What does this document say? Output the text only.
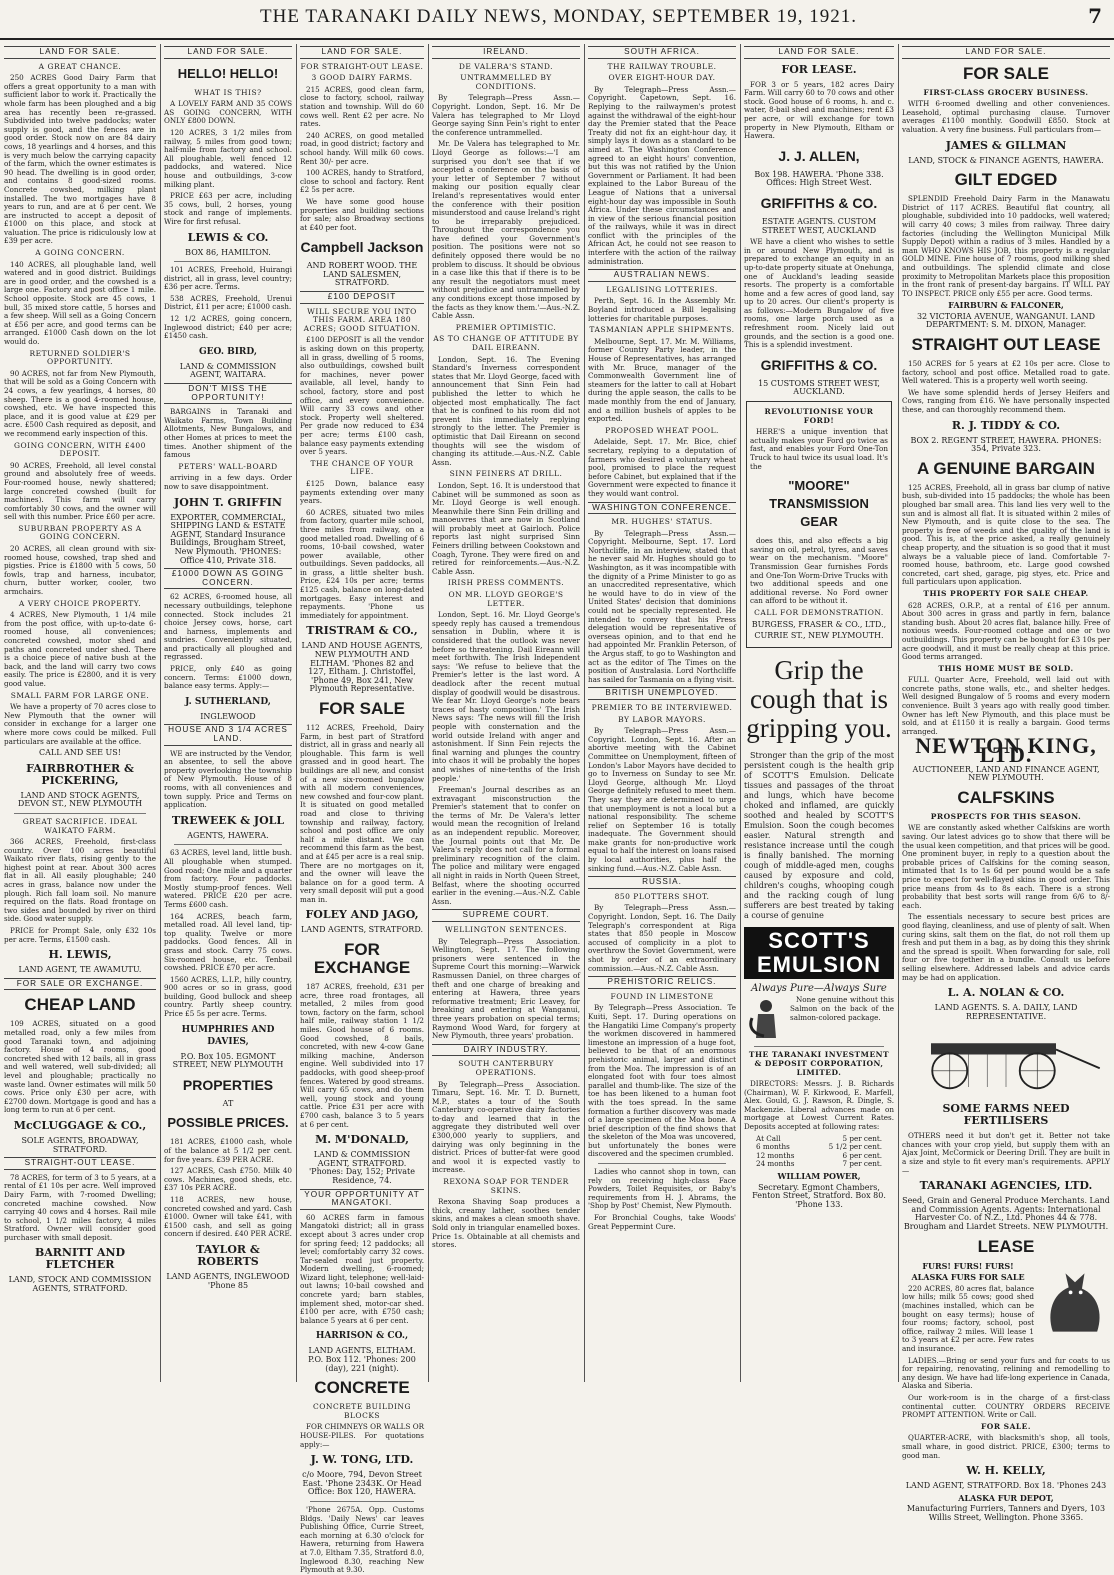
THE TARANAKI DAILY NEWS, MONDAY, SEPTEMBER 19, 1921.	7
LAND FOR SALE.
A GREAT CHANCE.

250 ACRES Good Dairy Farm that offers a great opportunity to a man with sufficient labor to work it. Practically the whole farm has been ploughed and a big area has recently been re-grassed. Subdivided into twelve paddocks; water supply is good, and the fences are in good order. Stock now on are 84 dairy cows, 18 yearlings and 4 horses, and this is very much below the carrying capacity of the farm, which the owner estimates is 90 head. The dwelling is in good order, and contains 8 good-sized rooms. Concrete cowshed, milking plant installed. The two mortgages have 8 years to run, and are at 6 per cent. We are instructed to accept a deposit of £1000 on this place, and stock at valuation. The price is ridiculously low at £39 per acre.

A GOING CONCERN.

140 ACRES, all ploughable land, well watered and in good district. Buildings are in good order, and the cowshed is a large one. Factory and post office 1 mile. School opposite. Stock are 45 cows, 1 bull, 35 mixed store cattle, 5 horses and a few sheep. Will sell as a Going Concern at £56 per acre, and good terms can be arranged. £1000 Cash down on the lot would do.

RETURNED SOLDIER'S OPPORTUNITY.

90 ACRES, not far from New Plymouth, that will be sold as a Going Concern with 24 cows, a few yearlings, 4 horses, 80 sheep. There is a good 4-roomed house, cowshed, etc. We have inspected this place, and it is good value at £29 per acre. £500 Cash required as deposit, and we recommend early inspection of this.

GOING CONCERN, WITH £400 DEPOSIT.

90 ACRES, Freehold, all level constal ground and absolutely free of weeds. Four-roomed house, newly shattered; large concreted cowshed (built for machines). This farm will carry comfortably 30 cows, and the owner will sell with this number. Price £60 per acre.

SUBURBAN PROPERTY AS A GOING CONCERN.

20 ACRES, all clean ground with six-roomed house, cowshed, trap shed and pigsties. Price is £1800 with 5 cows, 50 fowls, trap and harness, incubator, churn, butter worker, cooler, two armchairs.

A VERY CHOICE PROPERTY.

4 ACRES, New Plymouth, 1 1/4 mile from the post office, with up-to-date 6-roomed house, all conveniences; concreted cowshed, motor shed and paths and concreted under shed. There is a choice piece of native bush at the back, and the land will carry two cows easily. The price is £2800, and it is very good value.

SMALL FARM FOR LARGE ONE.

We have a property of 70 acres close to New Plymouth that the owner will consider in exchange for a larger one where more cows could be milked. Full particulars are available at the office.

CALL AND SEE US!
FAIRBROTHER & PICKERING,
LAND AND STOCK AGENTS, DEVON ST., NEW PLYMOUTH
GREAT SACRIFICE. IDEAL WAIKATO FARM.

366 ACRES, Freehold, first-class country. Over 100 acres beautiful Waikato river flats, rising gently to the highest point at rear. About 300 acres flat in all. All easily ploughable; 240 acres in grass, balance now under the plough. Rich fall loam soil. No manure required on the flats. Road frontage on two sides and bounded by river on third side. Good water supply.

PRICE for Prompt Sale, only £32 10s per acre. Terms, £1500 cash.

H. LEWIS,
LAND AGENT, TE AWAMUTU.
FOR SALE OR EXCHANGE.
CHEAP LAND

109 ACRES, situated on a good metalled road, only a few miles from good Taranaki town, and adjoining factory. House of 4 rooms, good concreted shed with 12 bails, all in grass and well watered, well sub-divided; all level and ploughable; practically no waste land. Owner estimates will milk 50 cows. Price only £30 per acre, with £2700 down. Mortgage is good and has a long term to run at 6 per cent.

McCLUGGAGE & CO.,
SOLE AGENTS, BROADWAY, STRATFORD.
STRAIGHT-OUT LEASE.

78 ACRES, for term of 3 to 5 years, at a rental of £1 10s per acre. Well improved Dairy Farm, with 7-roomed Dwelling; concreted machine cowshed. Now carrying 40 cows and 4 horses. Rail mile to school, 1 1/2 miles factory, 4 miles Stratford. Owner will consider good purchaser with small deposit.

BARNITT AND FLETCHER
LAND, STOCK AND COMMISSION AGENTS, STRATFORD.
LAND FOR SALE.
HELLO! HELLO!
WHAT IS THIS?

A LOVELY FARM AND 35 COWS AS GOING CONCERN, WITH ONLY £800 DOWN.

120 ACRES, 3 1/2 miles from railway, 5 miles from good town; half-mile from factory and school. All ploughable, well fenced 12 paddocks, and watered. Nice house and outbuildings, 3-cow milking plant.

PRICE £63 per acre, including 35 cows, bull, 2 horses, young stock and range of implements. Wire for first refusal.

LEWIS & CO.
BOX 86, HAMILTON.

101 ACRES, Freehold, Huirangi district, all in grass, level country; £36 per acre. Terms.

538 ACRES, Freehold, Urenui District, £11 per acre; £1000 cash.

12 1/2 ACRES, going concern, Inglewood district; £40 per acre; £1450 cash.

GEO. BIRD,
LAND & COMMISSION AGENT, WAITARA.
DON'T MISS THE OPPORTUNITY!

BARGAINS in Taranaki and Waikato Farms, Town Building Allotments, New Bungalows, and other Homes at prices to meet the times. Another shipment of the famous

PETERS' WALL-BOARD

arriving in a few days. Order now to save disappointment.

JOHN T. GRIFFIN
EXPORTER, COMMERCIAL, SHIPPING LAND & ESTATE AGENT, Standard Insurance Buildings, Brougham Street, New Plymouth. 'PHONES: Office 410, Private 318.
£1000 DOWN AS GOING CONCERN.

62 ACRES, 6-roomed house, all necessary outbuildings, telephone connected. Stock includes 21 choice Jersey cows, horse, cart and harness, implements and sundries. Conveniently situated, and practically all ploughed and regrassed.

PRICE, only £40 as going concern. Terms: £1000 down, balance easy terms. Apply:—

J. SUTHERLAND,
INGLEWOOD
HOUSE AND 3 1/4 ACRES LAND.

WE are instructed by the Vendor, an absentee, to sell the above property overlooking the township of New Plymouth. House of 8 rooms, with all conveniences and town supply. Price and Terms on application.

TREWEEK & JOLL
AGENTS, HAWERA.

63 ACRES, level land, little bush. All ploughable when stumped. Good road; One mile and a quarter from factory. Four paddocks. Mostly stump-proof fences. Well watered. PRICE £20 per acre. Terms £600 cash.

164 ACRES, beach farm, metalled road. All level land, tip-top quality. Twelve or more paddocks. Good fences. All in grass and stock. Carry 75 cows. Six-roomed house, etc. Tenbail cowshed. PRICE £70 per acre.

1560 ACRES, L.I.P., hilly country, 900 acres or so in grass, good building, Good bullock and sheep country. Partly sheep country. Price £5 5s per acre. Terms.

HUMPHRIES AND DAVIES,
P.O. Box 105. EGMONT STREET, NEW PLYMOUTH
PROPERTIES
AT
POSSIBLE PRICES.

181 ACRES, £1000 cash, whole of the balance at 5 1/2 per cent. for five years. £39 PER ACRE.

127 ACRES, Cash £750. Milk 40 cows. Machines, good sheds, etc. £37 10s PER ACRE.

118 ACRES, new house, concreted cowshed and yard. Cash £1000. Owner will take £41, with £1500 cash, and sell as going concern if desired. £40 PER ACRE.

TAYLOR & ROBERTS
LAND AGENTS, INGLEWOOD 'Phone 85
LAND FOR SALE.
FOR STRAIGHT-OUT LEASE.
3 GOOD DAIRY FARMS.

215 ACRES, good clean farm, close to factory, school, railway station and township. Will do 60 cows well. Rent £2 per acre. No rates.

240 ACRES, on good metalled road, in good district; factory and school handy. Will milk 60 cows. Rent 30/- per acre.

100 ACRES, handy to Stratford, close to school and factory. Rent £2 5s per acre.

We have some good house properties and building sections for sale; also Broadway sections at £40 per foot.

Campbell Jackson
AND ROBERT WOOD. THE LAND SALESMEN, STRATFORD.
£100 DEPOSIT
WILL SECURE YOU INTO THIS FARM. AREA 180 ACRES; GOOD SITUATION.

£100 DEPOSIT is all the vendor is asking down on this property, all in grass, dwelling of 5 rooms, also outbuildings, cowshed built for machines, never power available, all level, handy to school, factory, store and post office, and every convenience. Will carry 33 cows and other stock. Property well sheltered. Per grade now reduced to £34 per acre; terms £100 cash, balance easy payments extending over 5 years.

THE CHANCE OF YOUR LIFE.

£125 Down, balance easy payments extending over many years.

60 ACRES, situated two miles from factory, quarter mile school, three miles from railway, on a good metalled road. Dwelling of 6 rooms, 10-bail cowshed, water power available, other outbuildings. Seven paddocks, all in grass, a little shelter bush. Price, £24 10s per acre; terms £125 cash, balance on long-dated mortgages. Easy interest and repayments. 'Phone us immediately for appointment.

TRISTRAM & CO.,
LAND AND HOUSE AGENTS, NEW PLYMOUTH AND ELTHAM. 'Phones 82 and 127, Eltham. J. Christoffel, 'Phone 49, Box 241, New Plymouth Representative.
FOR SALE

112 ACRES, Freehold, Dairy Farm, in best part of Stratford district, all in grass and nearly all ploughable. This farm is well grassed and in good heart. The buildings are all new, and consist of a new six-roomed bungalow with all modern conveniences, new cowshed and four-cow plant. It is situated on good metalled road and close to thriving township and railway, factory, school and post office are only half a mile distant. We can recommend this farm as the best, and at £45 per acre is a real snip. There are no mortgages on it, and the owner will leave the balance on for a good term. A very small deposit will put a good man in.

FOLEY AND JAGO,
LAND AGENTS, STRATFORD.
FOR EXCHANGE

187 ACRES, freehold, £31 per acre, three road frontages, all metalled, 2 miles from good town, factory on the farm, school half mile, railway station 1 1/2 miles. Good house of 6 rooms. Good cowshed, 8 bails, concreted, with new 4-cow Gane milking machine, Anderson engine. Well subdivided into 17 paddocks, with good sheep-proof fences. Watered by good streams. Will carry 65 cows, and do them well, young stock and young cattle. Price £31 per acre with £700 cash, balance 3 to 5 years at 6 per cent.

M. M'DONALD,
LAND & COMMISSION AGENT, STRATFORD. 'Phones: Day, 152; Private Residence, 74.
YOUR OPPORTUNITY AT MANGATOKI.

60 ACRES farm in famous Mangatoki district; all in grass except about 3 acres under crop for spring feed; 12 paddocks; all level; comfortably carry 32 cows. Tar-sealed road just property. Modern dwelling, 6-roomed; Wizard light, telephone; well-laid-out lawns; 10-bail cowshed and concrete yard; barn stables, implement shed, motor-car shed. £100 per acre, with £750 cash; balance 5 years at 6 per cent.

HARRISON & CO.,
LAND AGENTS, ELTHAM. P.O. Box 112. 'Phones: 200 (day), 221 (night).
CONCRETE
CONCRETE BUILDING BLOCKS

FOR CHIMNEYS OR WALLS OR HOUSE-PILES. For quotations apply:—

J. W. TONG, LTD.
c/o Moore, 794, Devon Street East. 'Phone 2343K. Or Head Office: Box 120, HAWERA.

'Phone 2675A. Opp. Customs Bldgs. 'Daily News' car leaves Publishing Office, Currie Street, each morning at 6.30 o'clock for Hawera, returning from Hawera at 7.0, Eltham 7.35, Stratford 8.0, Inglewood 8.30, reaching New Plymouth at 9.30.

IRELAND.
DE VALERA'S STAND.
UNTRAMMELLED BY CONDITIONS.

By Telegraph—Press Assn.—Copyright. London, Sept. 16. Mr De Valera has telegraphed to Mr Lloyd George saying Sinn Fein's right to enter the conference untrammelled.

Mr. De Valera has telegraphed to Mr. Lloyd George as follows:—'I am surprised you don't see that if we accepted a conference on the basis of your letter of September 7 without making our position equally clear Ireland's representatives would enter the conference with their position misunderstood and cause Ireland's right to be irreparably prejudiced. Throughout the correspondence you have defined your Government's position. The positions were not so definitely opposed there would be no problem to discuss. It should be obvious in a case like this that if there is to be any result the negotiators must meet without prejudice and untrammelled by any conditions except those imposed by the facts as they know them.'—Aus.-N.Z. Cable Assn.

PREMIER OPTIMISTIC.
AS TO CHANGE OF ATTITUDE BY DAIL EIREANN.

London, Sept. 16. The Evening Standard's Inverness correspondent states that Mr. Lloyd George, faced with announcement that Sinn Fein had published the letter to which he objected most emphatically. The fact that he is confined to his room did not prevent his immediately replying strongly to the letter. The Premier is optimistic that Dail Eireann on second thoughts will see the wisdom of changing its attitude.—Aus.-N.Z. Cable Assn.

SINN FEINERS AT DRILL.

London, Sept. 16. It is understood that Cabinet will be summoned as soon as Mr. Lloyd George is well enough. Meanwhile there Sinn Fein drilling and manoeuvres that are now in Scotland will probably meet at Gairloch. Police reports last night surprised Sinn Feiners drilling between Cookstown and Coagh, Tyrone. They were fired on and retired for reinforcements.—Aus.-N.Z. Cable Assn.

IRISH PRESS COMMENTS.
ON MR. LLOYD GEORGE'S LETTER.

London, Sept. 16. Mr. Lloyd George's speedy reply has caused a tremendous sensation in Dublin, where it is considered that the outlook was never before so threatening. Dail Eireann will meet forthwith. The Irish Independent says: 'We refuse to believe that the Premier's letter is the last word. A deadlock after the recent mutual display of goodwill would be disastrous. We fear Mr. Lloyd George's note bears traces of hasty composition.' The Irish News says: 'The news will fill the Irish people with consternation and the world outside Ireland with anger and astonishment. If Sinn Fein rejects the final warning and plunges the country into chaos it will be probably the hopes and wishes of nine-tenths of the Irish people.'

Freeman's Journal describes as an extravagant misconstruction the Premier's statement that to confer on the terms of Mr. De Valera's letter would mean the recognition of Ireland as an independent republic. Moreover, the Journal points out that Mr. De Valera's reply does not call for a formal preliminary recognition of the claim. The police and military were engaged all night in raids in North Queen Street, Belfast, where the shooting occurred earlier in the evening.—Aus.-N.Z. Cable Assn.

SUPREME COURT.
WELLINGTON SENTENCES.

By Telegraph—Press Association. Wellington, Sept. 17. The following prisoners were sentenced in the Supreme Court this morning:—Warwick Rasmussen Daniel, on three charges of theft and one charge of breaking and entering at Hawera, three years reformative treatment; Eric Leavey, for breaking and entering at Wanganui, three years probation on special terms; Raymond Wood Ward, for forgery at New Plymouth, three years' probation.

DAIRY INDUSTRY.
SOUTH CANTERBURY OPERATIONS.

By Telegraph—Press Association. Timaru, Sept. 16. Mr. T. D. Burnett, M.P., states a tour of the South Canterbury co-operative dairy factories to-day and learned that in the aggregate they distributed well over £300,000 yearly to suppliers, and dairying was only beginning in the district. Prices of butter-fat were good and wool it is expected vastly to increase.

REXONA SOAP FOR TENDER SKINS.

Rexona Shaving Soap produces a thick, creamy lather, soothes tender skins, and makes a clean smooth shave. Sold only in triangular enamelled boxes. Price 1s. Obtainable at all chemists and stores.

SOUTH AFRICA.
THE RAILWAY TROUBLE.
OVER EIGHT-HOUR DAY.

By Telegraph—Press Assn.—Copyright. Capetown, Sept. 16. Replying to the railwaymen's protest against the withdrawal of the eight-hour day the Premier stated that the Peace Treaty did not fix an eight-hour day, it simply lays it down as a standard to be aimed at. The Washington Conference agreed to an eight hours' convention, but this was not ratified by the Union Government or Parliament. It had been explained to the Labor Bureau of the League of Nations that a universal eight-hour day was impossible in South Africa. Under these circumstances and in view of the serious financial position of the railways, while it was in direct conflict with the principles of the African Act, he could not see reason to interfere with the action of the railway administration.

AUSTRALIAN NEWS.
LEGALISING LOTTERIES.

Perth, Sept. 16. In the Assembly Mr. Boyland introduced a Bill legalising lotteries for charitable purposes.

TASMANIAN APPLE SHIPMENTS.

Melbourne, Sept. 17. Mr. M. Williams, former Country Party leader, in the House of Representatives, has arranged with Mr. Bruce, manager of the Commonwealth Government line of steamers for the latter to call at Hobart during the apple season, the calls to be made monthly from the end of January, and a million bushels of apples to be exported.

PROPOSED WHEAT POOL.

Adelaide, Sept. 17. Mr. Bice, chief secretary, replying to a deputation of farmers who desired a voluntary wheat pool, promised to place the request before Cabinet, but explained that if the Government were expected to finance it they would want control.

WASHINGTON CONFERENCE.
MR. HUGHES' STATUS.

By Telegraph—Press Assn.—Copyright. Melbourne, Sept. 17. Lord Northcliffe, in an interview, stated that he never said Mr. Hughes should go to Washington, as it was incompatible with the dignity of a Prime Minister to go as an unaccredited representative, which he would have to do in view of the United States' decision that dominions could not be specially represented. He intended to convey that his Press delegation would be representative of overseas opinion, and to that end he had appointed Mr. Franklin Peterson, of the Argus staff, to go to Washington and act as the editor of The Times on the position of Australasia. Lord Northcliffe has sailed for Tasmania on a flying visit.

BRITISH UNEMPLOYED.
PREMIER TO BE INTERVIEWED.
BY LABOR MAYORS.

By Telegraph—Press Assn.—Copyright. London, Sept. 16. After an abortive meeting with the Cabinet Committee on Unemployment, fifteen of London's Labor Mayors have decided to go to Inverness on Sunday to see Mr. Lloyd George, although Mr. Lloyd George definitely refused to meet them. They say they are determined to urge that unemployment is not a local but a national responsibility. The scheme relief on September 16 is totally inadequate. The Government should make grants for non-productive work equal to half the interest on loans raised by local authorities, plus half the sinking fund.—Aus.-N.Z. Cable Assn.

RUSSIA.
850 PLOTTERS SHOT.

By Telegraph—Press Assn.—Copyright. London, Sept. 16. The Daily Telegraph's correspondent at Riga states that 850 people in Moscow accused of complicity in a plot to overthrow the Soviet Government, were shot by order of an extraordinary commission.—Aus.-N.Z. Cable Assn.

PREHISTORIC RELICS.
FOUND IN LIMESTONE

By Telegraph—Press Association. Te Kuiti, Sept. 17. During operations on the Hangatiki Lime Company's property the workmen discovered in hammered limestone an impression of a huge foot, believed to be that of an enormous prehistoric animal, larger and distinct from the Moa. The impression is of an elongated foot with four toes almost parallel and thumb-like. The size of the toe has been likened to a human foot with the toes spread. In the same formation a further discovery was made of a large specimen of the Moa bone. A brief description of the find shows that the skeleton of the Moa was uncovered, but unfortunately the bones were discovered and the specimen crumbled.

Ladies who cannot shop in town, can rely on receiving high-class Face Powders, Toilet Requisites, or Baby's requirements from H. J. Abrams, the 'Shop by Post' Chemist, New Plymouth.

For Bronchial Coughs, take Woods' Great Peppermint Cure.

LAND FOR SALE.
FOR LEASE.

FOR 3 or 5 years, 182 acres Dairy Farm. Will carry 60 to 70 cows and other stock. Good house of 6 rooms, h. and c. water, 8-bail shed and machines; rent £3 per acre, or will exchange for town property in New Plymouth, Eltham or Hawera.

J. J. ALLEN,
Box 198. HAWERA. 'Phone 338. Offices: High Street West.
GRIFFITHS & CO.
ESTATE AGENTS. CUSTOM STREET WEST, AUCKLAND

WE have a client who wishes to settle in or around New Plymouth, and is prepared to exchange an equity in an up-to-date property situate at Onehunga, one of Auckland's leading seaside resorts. The property is a comfortable home and a few acres of good land, say up to 20 acres. Our client's property is as follows:—Modern Bungalow of five rooms, one large porch used as a refreshment room. Nicely laid out grounds, and the section is a good one. This is a splendid investment.

GRIFFITHS & CO.
15 CUSTOMS STREET WEST, AUCKLAND.
REVOLUTIONISE YOUR FORD!

HERE'S a unique invention that actually makes your Ford go twice as fast, and enables your Ford One-Ton Truck to haul twice its usual load. It's the

"MOORE" TRANSMISSION GEAR

does this, and also effects a big saving on oil, petrol, tyres, and saves wear on the mechanism. "Moore" Transmission Gear furnishes Fords and One-Ton Worm-Drive Trucks with two additional speeds and one additional reverse. No Ford owner can afford to be without it.

CALL FOR DEMONSTRATION.
BURGESS, FRASER & CO., LTD.,
CURRIE ST., NEW PLYMOUTH.
Grip the cough that is gripping you.

Stronger than the grip of the most persistent cough is the health grip of SCOTT'S Emulsion. Delicate tissues and passages of the throat and lungs, which have become choked and inflamed, are quickly soothed and healed by SCOTT'S Emulsion. Soon the cough becomes easier. Natural strength and resistance increase until the cough is finally banished. The morning cough of middle-aged men, coughs caused by exposure and cold, children's coughs, whooping cough and the racking cough of lung sufferers are best treated by taking a course of genuine

SCOTT'S EMULSION
Always Pure—Always Sure

None genuine without this Salmon on the back of the salmon-colored package.

THE TARANAKI INVESTMENT & DEPOSIT CORPORATION, LIMITED.

DIRECTORS: Messrs. J. B. Richards (Chairman), W. F. Kirkwood, E. Marfell, Alex. Gould, G. J. Rawson, R. Dingle, S. Mackenzie. Liberal advances made on mortgage at Lowest Current Rates. Deposits accepted at following rates:

At Call	5 per cent.
6 months	5 1/2 per cent.
12 months	6 per cent.
24 months	7 per cent.
WILLIAM POWER,
Secretary. Egmont Chambers, Fenton Street, Stratford. Box 80. 'Phone 133.
LAND FOR SALE.
FOR SALE
FIRST-CLASS GROCERY BUSINESS.

WITH 6-roomed dwelling and other conveniences. Leasehold, optimal purchasing clause. Turnover averages £1100 monthly. Goodwill £850. Stock at valuation. A very fine business. Full particulars from—

JAMES & GILLMAN
LAND, STOCK & FINANCE AGENTS, HAWERA.
GILT EDGED

SPLENDID Freehold Dairy Farm in the Manawatu District of 117 ACRES. Beautiful flat country, all ploughable, subdivided into 10 paddocks, well watered; will carry 40 cows; 3 miles from railway. Three dairy factories (including the Wellington Municipal Milk Supply Depot) within a radius of 3 miles. Handled by a man WHO KNOWS HIS JOB, this property is a regular GOLD MINE. Fine house of 7 rooms, good milking shed and outbuildings. The splendid climate and close proximity to Metropolitan Markets place this proposition in the front rank of present-day bargains. IT WILL PAY TO INSPECT. PRICE only £55 per acre. Good terms.

FAIRBURN & FALCONER,
32 VICTORIA AVENUE, WANGANUI. LAND DEPARTMENT: S. M. DIXON, Manager.
STRAIGHT OUT LEASE

150 ACRES for 5 years at £2 10s per acre. Close to factory, school and post office. Metalled road to gate. Well watered. This is a property well worth seeing.

We have some splendid herds of Jersey Heifers and Cows, ranging from £16. We have personally inspected these, and can thoroughly recommend them.

R. J. TIDDY & CO.
BOX 2. REGENT STREET, HAWERA. PHONES: 354, Private 323.
A GENUINE BARGAIN

125 ACRES, Freehold, all in grass bar clump of native bush, sub-divided into 15 paddocks; the whole has been ploughed bar small area. This land lies very well to the sun and is almost all flat. It is situated within 2 miles of New Plymouth, and is quite close to the sea. The property is free of weeds and the quality of the land is good. This is, at the price asked, a really genuinely cheap property, and the situation is so good that it must always be a valuable piece of land. Comfortable 7-roomed house, bathroom, etc. Large good cowshed concreted, cart shed, garage, pig styes, etc. Price and full particulars upon application.

THIS PROPERTY FOR SALE CHEAP.

628 ACRES, O.R.P., at a rental of £16 per annum. About 300 acres in grass and partly in fern, balance standing bush. About 20 acres flat, balance hilly. Free of noxious weeds. Four-roomed cottage and one or two outbuildings. This property can be bought for £3 10s per acre goodwill, and it must be really cheap at this price. Good terms arranged.

THIS HOME MUST BE SOLD.

FULL Quarter Acre, Freehold, well laid out with concrete paths, stone walls, etc., and shelter hedges. Well designed Bungalow of 5 rooms and every modern convenience. Built 3 years ago with really good timber. Owner has left New Plymouth, and this place must be sold, and at £1150 it is really a bargain. Good terms arranged.

NEWTON KING, LTD.
AUCTIONEER, LAND AND FINANCE AGENT, NEW PLYMOUTH.
CALFSKINS
PROSPECTS FOR THIS SEASON.

WE are constantly asked whether Calfskins are worth saving. Our latest advices go to show that there will be the usual keen competition, and that prices will be good. One prominent buyer, in reply to a question about the probable prices of Calfskins for the coming season, intimated that 1s to 1s 6d per pound would be a safe price to expect for well-flayed skins in good order. This price means from 4s to 8s each. There is a strong probability that best sorts will range from 6/6 to 8/- each.

The essentials necessary to secure best prices are good flaying, cleanliness, and use of plenty of salt. When curing skins, salt them on the flat, do not roll them up fresh and put them in a bag, as by doing this they shrink and the spread is spoilt. When forwarding for sale, roll four or five together in a bundle. Consult us before selling elsewhere. Addressed labels and advice cards may be had on application.

L. A. NOLAN & CO.
LAND AGENTS. S. A. DAILY, LAND REPRESENTATIVE.
SOME FARMS NEED FERTILISERS

OTHERS need it but don't get it. Better not take chances with your crop yield, but supply them with an Ajax Joint, McCormick or Deering Drill. They are built in a size and style to fit every man's requirements. APPLY—

TARANAKI AGENCIES, LTD.
Seed, Grain and General Produce Merchants. Land and Commission Agents. Agents: International Harvester Co. of N.Z., Ltd. Phones 44 & 778. Brougham and Liardet Streets. NEW PLYMOUTH.
LEASE
FURS! FURS! FURS!
ALASKA FURS FOR SALE

220 ACRES, 80 acres flat, balance low hills; milk 55 cows; good shed (machines installed, which can be bought on easy terms); house of four rooms; factory, school, post office, railway 2 miles. Will lease 1 to 3 years at £2 per acre. Few rates and insurance.

LADIES.—Bring or send your furs and fur coats to us for repairing, renovating, relining and remodelling to any design. We have had life-long experience in Canada, Alaska and Siberia.

Our work-room is in the charge of a first-class continental cutter. COUNTRY ORDERS RECEIVE PROMPT ATTENTION. Write or Call.

FOR SALE.

QUARTER-ACRE, with blacksmith's shop, all tools, small whare, in good district. PRICE, £300; terms to good man.

W. H. KELLY,
LAND AGENT, STRATFORD. Box 18. 'Phones 243
ALASKA FUR DEPOT,
Manufacturing Furriers, Tanners and Dyers, 103 Willis Street, Wellington. Phone 3365.
